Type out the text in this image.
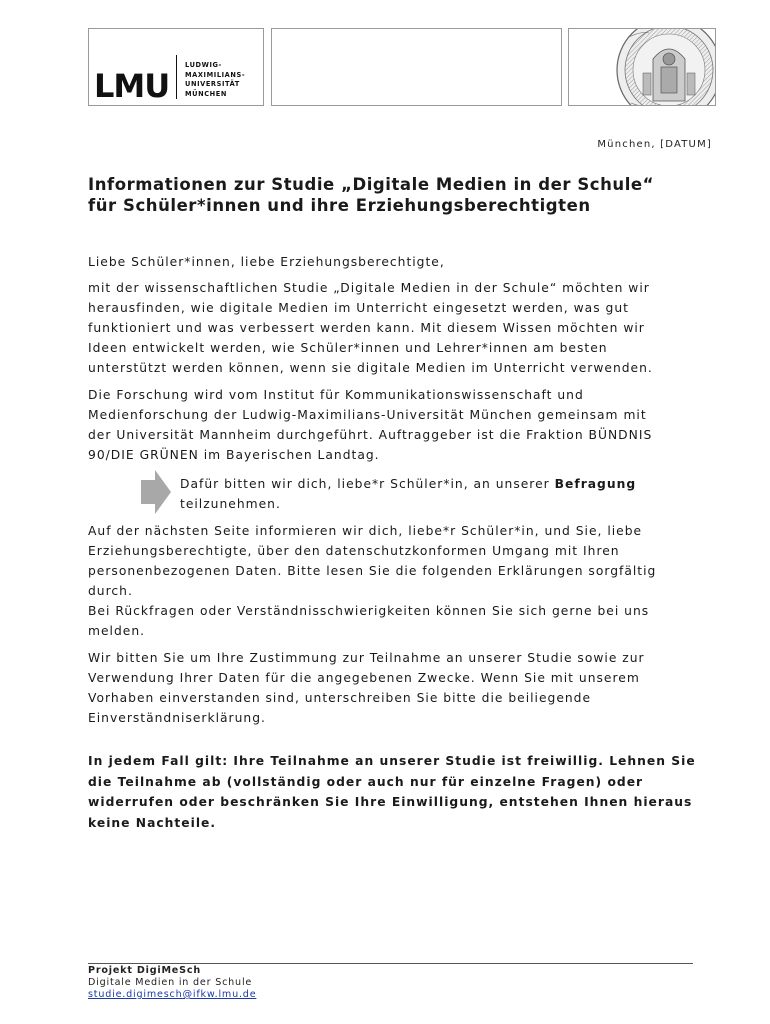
LMU
LUDWIG-
MAXIMILIANS-
UNIVERSITÄT
MÜNCHEN
München, [DATUM]
Informationen zur Studie „Digitale Medien in der Schule“
für Schüler*innen und ihre Erziehungsberechtigten
Liebe Schüler*innen, liebe Erziehungsberechtigte,
mit der wissenschaftlichen Studie „Digitale Medien in der Schule“ möchten wir
herausfinden, wie digitale Medien im Unterricht eingesetzt werden, was gut
funktioniert und was verbessert werden kann. Mit diesem Wissen möchten wir
Ideen entwickelt werden, wie Schüler*innen und Lehrer*innen am besten
unterstützt werden können, wenn sie digitale Medien im Unterricht verwenden.
Die Forschung wird vom Institut für Kommunikationswissenschaft und
Medienforschung der Ludwig-Maximilians-Universität München gemeinsam mit
der Universität Mannheim durchgeführt. Auftraggeber ist die Fraktion BÜNDNIS
90/DIE GRÜNEN im Bayerischen Landtag.
Dafür bitten wir dich, liebe*r Schüler*in, an unserer Befragung
teilzunehmen.
Auf der nächsten Seite informieren wir dich, liebe*r Schüler*in, und Sie, liebe
Erziehungsberechtigte, über den datenschutzkonformen Umgang mit Ihren
personenbezogenen Daten. Bitte lesen Sie die folgenden Erklärungen sorgfältig
durch.
Bei Rückfragen oder Verständnisschwierigkeiten können Sie sich gerne bei uns
melden.
Wir bitten Sie um Ihre Zustimmung zur Teilnahme an unserer Studie sowie zur
Verwendung Ihrer Daten für die angegebenen Zwecke. Wenn Sie mit unserem
Vorhaben einverstanden sind, unterschreiben Sie bitte die beiliegende
Einverständniserklärung.
In jedem Fall gilt: Ihre Teilnahme an unserer Studie ist freiwillig. Lehnen Sie
die Teilnahme ab (vollständig oder auch nur für einzelne Fragen) oder
widerrufen oder beschränken Sie Ihre Einwilligung, entstehen Ihnen hieraus
keine Nachteile.
Projekt DigiMeSch
Digitale Medien in der Schule
studie.digimesch@ifkw.lmu.de
